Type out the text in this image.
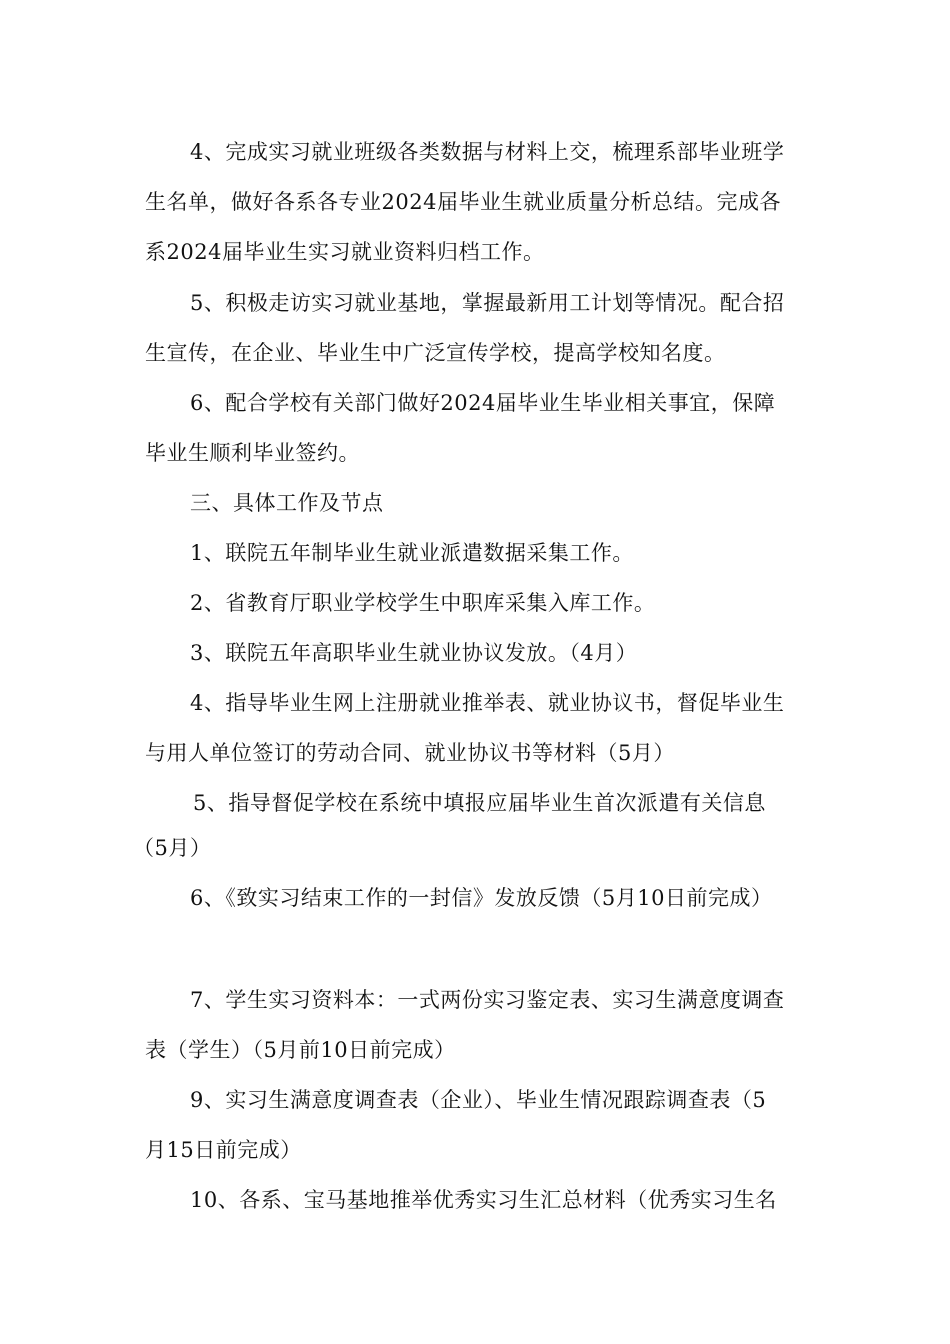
4、完成实习就业班级各类数据与材料上交，梳理系部毕业班学
生名单，做好各系各专业2024届毕业生就业质量分析总结。完成各
系2024届毕业生实习就业资料归档工作。
5、积极走访实习就业基地，掌握最新用工计划等情况。配合招
生宣传，在企业、毕业生中广泛宣传学校，提高学校知名度。
6、配合学校有关部门做好2024届毕业生毕业相关事宜，保障
毕业生顺利毕业签约。
三、具体工作及节点
1、联院五年制毕业生就业派遣数据采集工作。
2、省教育厅职业学校学生中职库采集入库工作。
3、联院五年高职毕业生就业协议发放。（4月）
4、指导毕业生网上注册就业推举表、就业协议书，督促毕业生
与用人单位签订的劳动合同、就业协议书等材料（5月）
5、指导督促学校在系统中填报应届毕业生首次派遣有关信息
（5月）
6、《致实习结束工作的一封信》发放反馈（5月10日前完成）
7、学生实习资料本：一式两份实习鉴定表、实习生满意度调查
表（学生）（5月前10日前完成）
9、实习生满意度调查表（企业）、毕业生情况跟踪调查表（5
月15日前完成）
10、各系、宝马基地推举优秀实习生汇总材料（优秀实习生名
